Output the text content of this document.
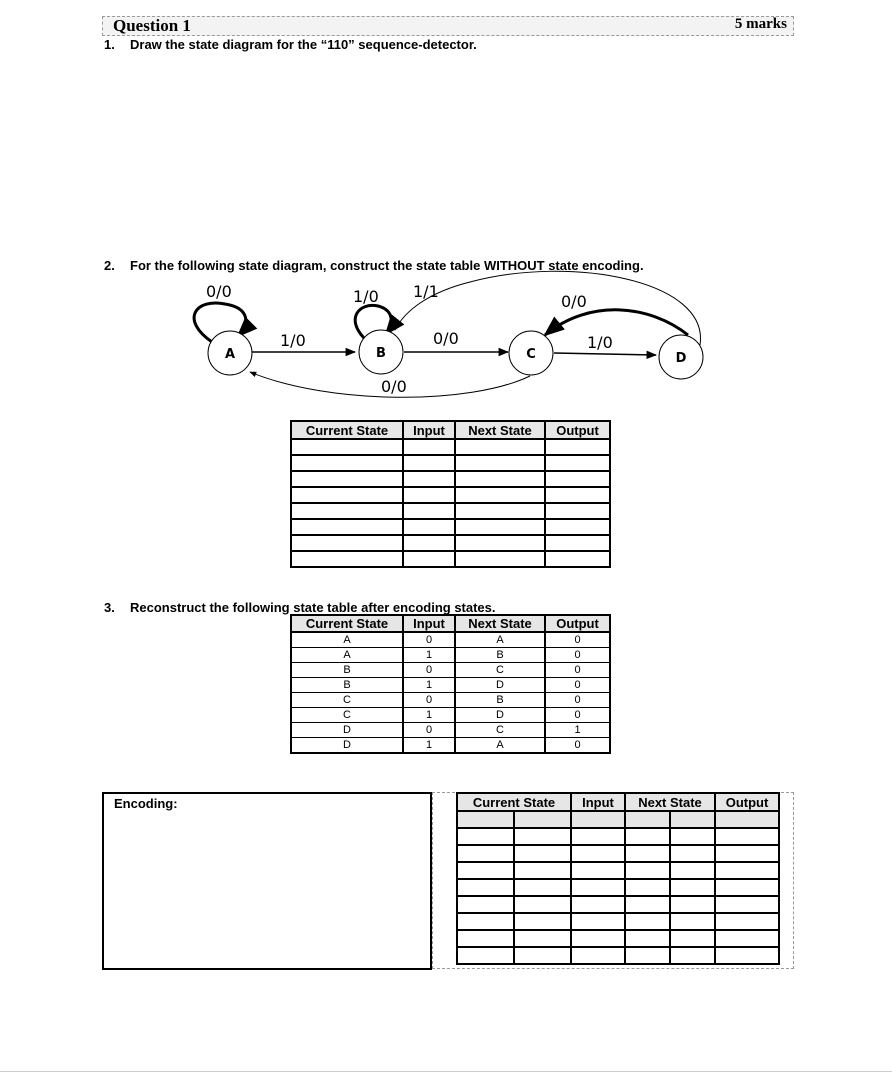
Question 1	5 marks
1. Draw the state diagram for the “110” sequence-detector.
2. For the following state diagram, construct the state table WITHOUT state encoding.
A	B	C	D
0/0
1/0
1/0
0/0	1/0
0/0
1/1
0/0
Current State	Input	Next State	Output

3. Reconstruct the following state table after encoding states.
Current State	Input	Next State	Output
A	0	A	0
A	1	B	0
B	0	C	0
B	1	D	0
C	0	B	0
C	1	D	0
D	0	C	1
D	1	A	0
Encoding:	Current State		Input	Next State		Output
